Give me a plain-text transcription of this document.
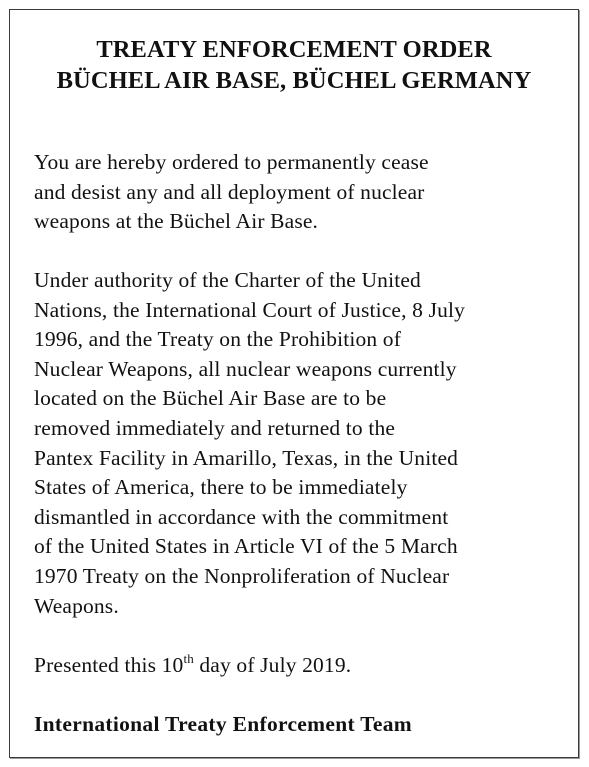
TREATY ENFORCEMENT ORDER
BÜCHEL AIR BASE, BÜCHEL GERMANY
You are hereby ordered to permanently cease
and desist any and all deployment of nuclear
weapons at the Büchel Air Base.
Under authority of the Charter of the United
Nations, the International Court of Justice, 8 July
1996, and the Treaty on the Prohibition of
Nuclear Weapons, all nuclear weapons currently
located on the Büchel Air Base are to be
removed immediately and returned to the
Pantex Facility in Amarillo, Texas, in the United
States of America, there to be immediately
dismantled in accordance with the commitment
of the United States in Article VI of the 5 March
1970 Treaty on the Nonproliferation of Nuclear
Weapons.
Presented this 10th day of July 2019.
International Treaty Enforcement Team
